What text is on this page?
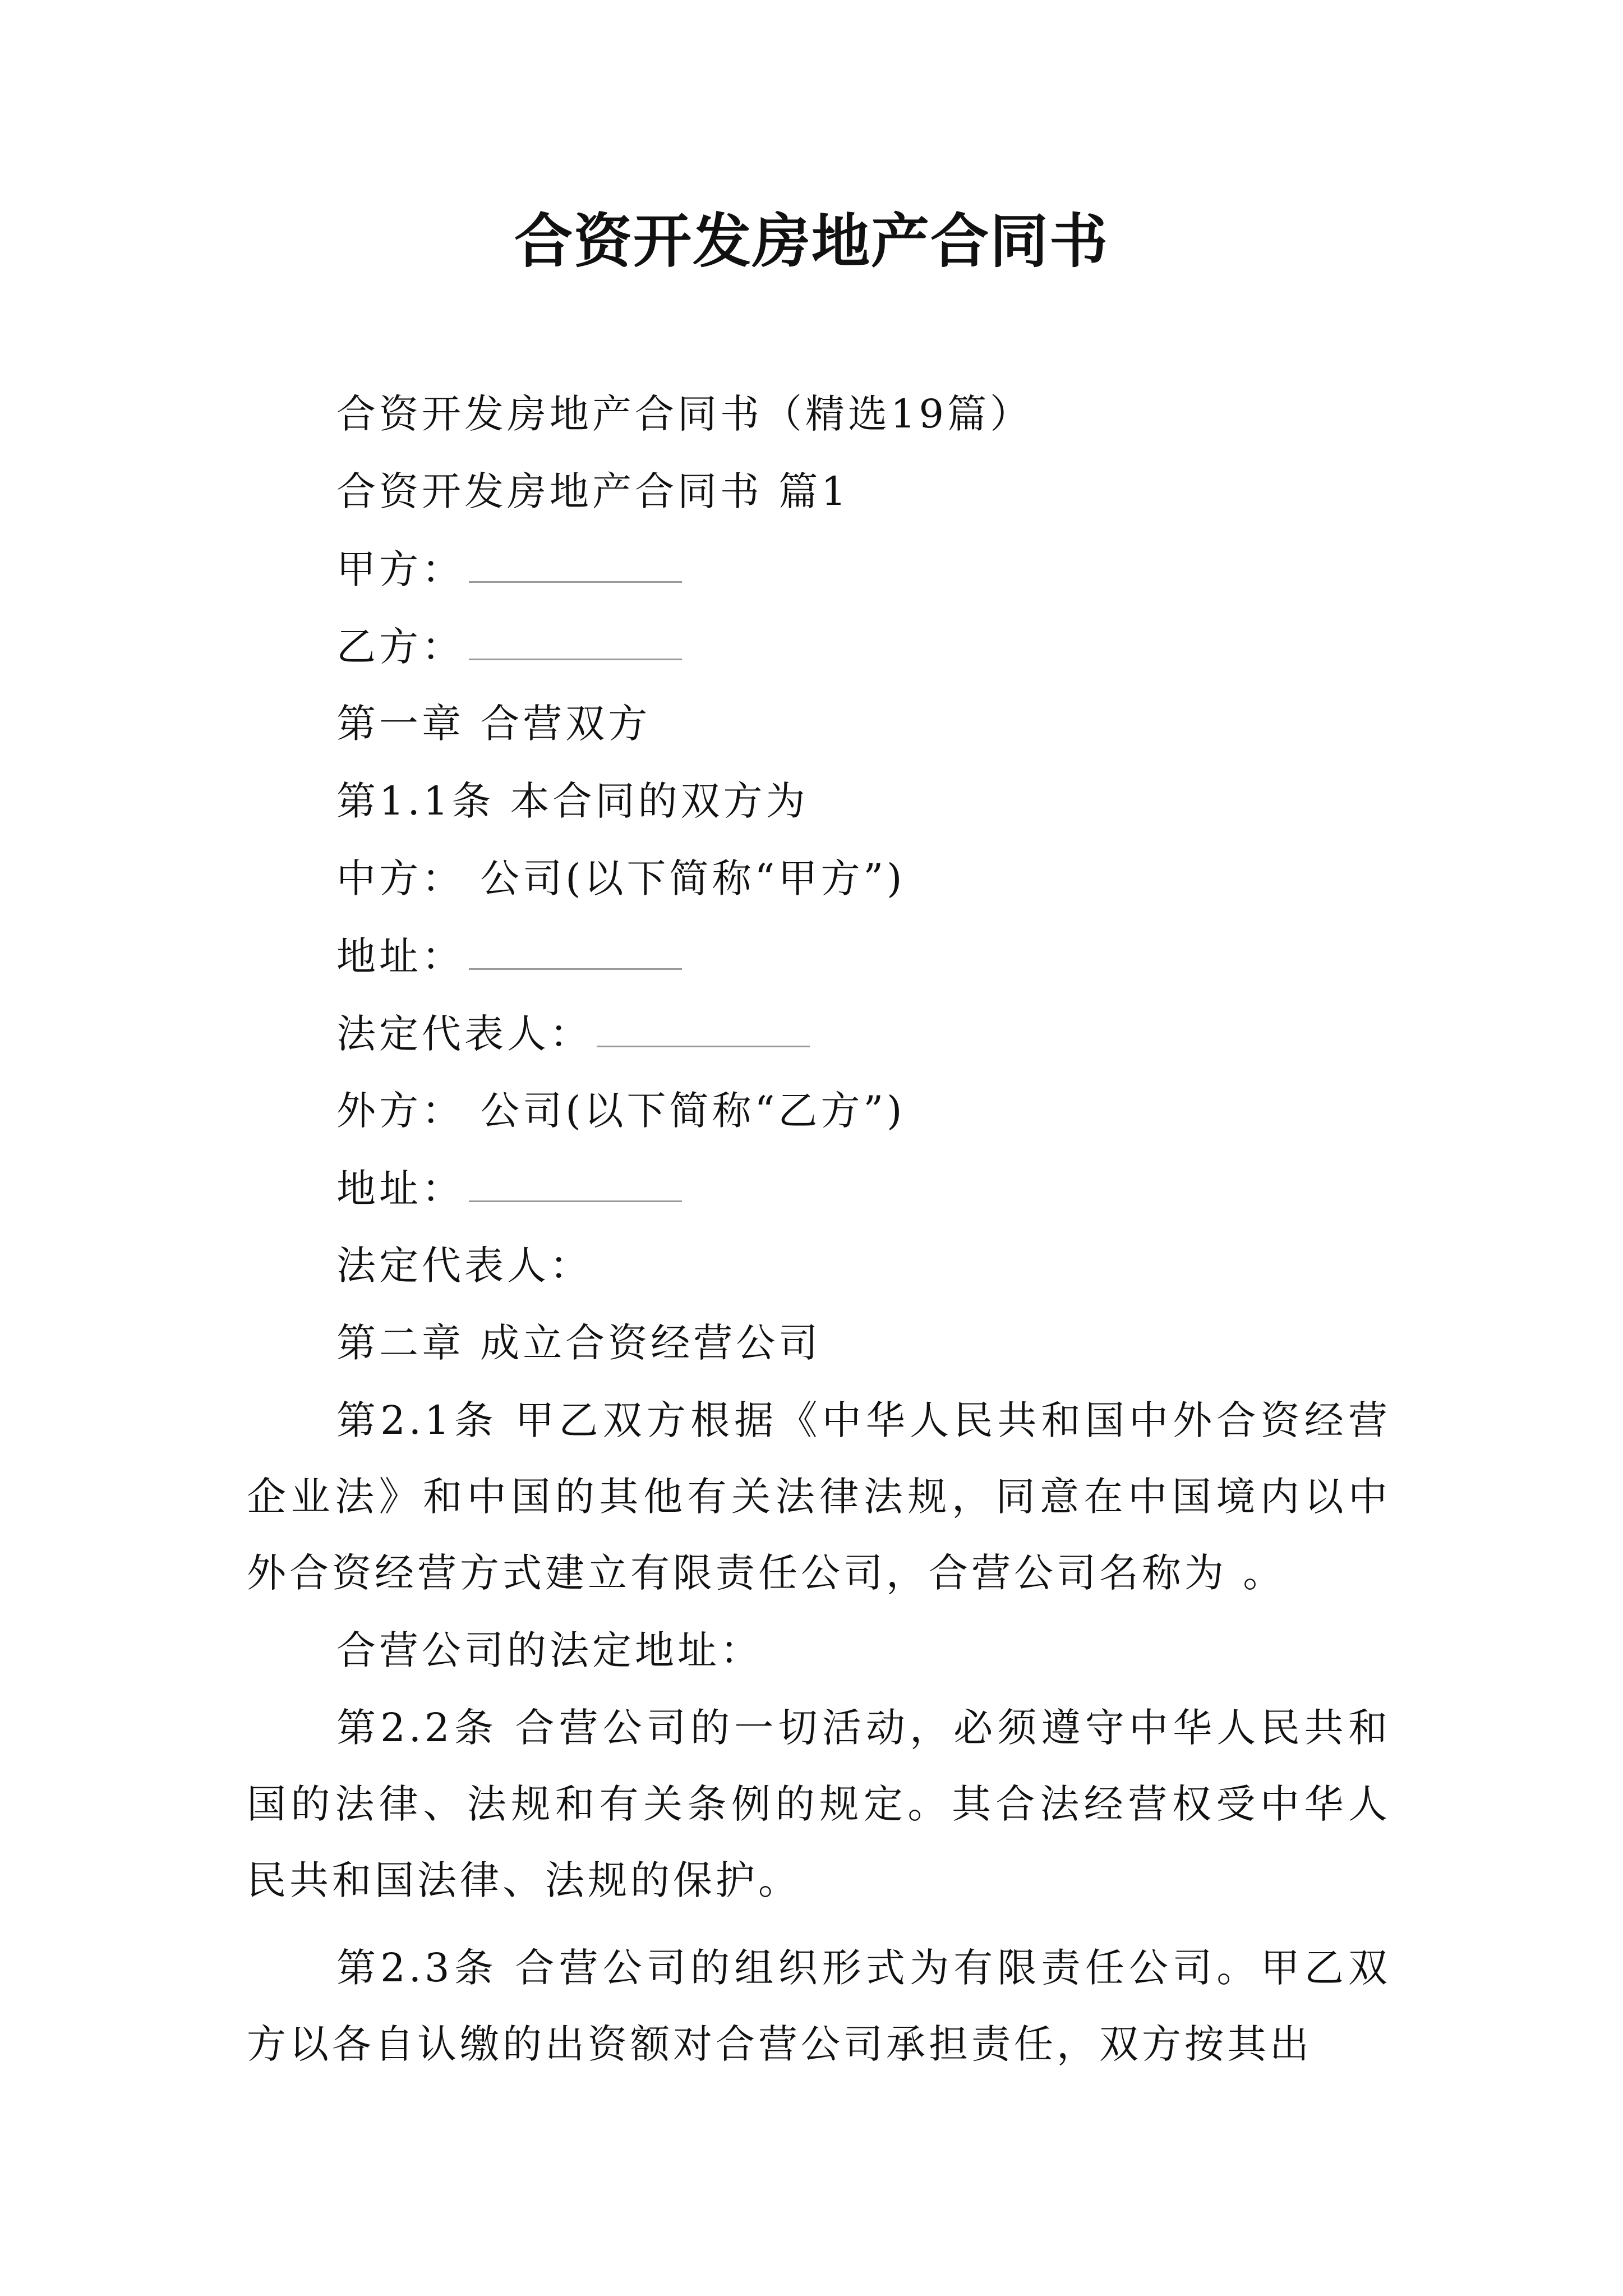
合资开发房地产合同书
合资开发房地产合同书（精选19篇）
合资开发房地产合同书 篇1
甲方：
乙方：
第一章 合营双方
第1.1条 本合同的双方为
中方： 公司(以下简称“甲方”)
地址：
法定代表人：
外方： 公司(以下简称“乙方”)
地址：
法定代表人：
第二章 成立合资经营公司
第2.1条 甲乙双方根据《中华人民共和国中外合资经营企业法》和中国的其他有关法律法规，同意在中国境内以中外合资经营方式建立有限责任公司，合营公司名称为 。
合营公司的法定地址：
第2.2条 合营公司的一切活动，必须遵守中华人民共和国的法律、法规和有关条例的规定。其合法经营权受中华人民共和国法律、法规的保护。
第2.3条 合营公司的组织形式为有限责任公司。甲乙双方以各自认缴的出资额对合营公司承担责任，双方按其出
